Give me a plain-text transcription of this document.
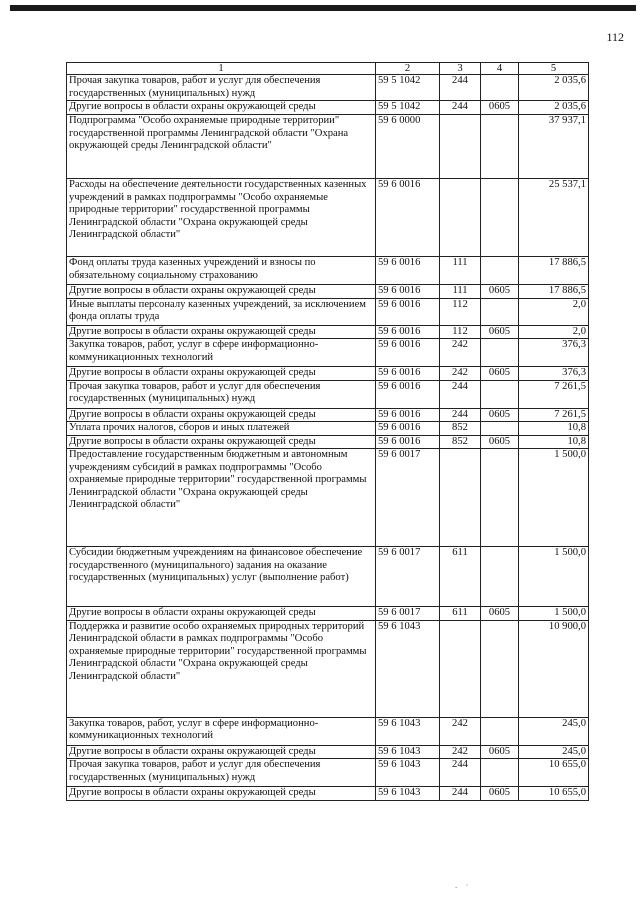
112
1	2	3	4	5
Прочая закупка товаров, работ и услуг для обеспечения государственных (муниципальных) нужд	59 5 1042	244		2 035,6
Другие вопросы в области охраны окружающей среды	59 5 1042	244	0605	2 035,6
Подпрограмма "Особо охраняемые природные территории" государственной программы Ленинградской области "Охрана окружающей среды Ленинградской области"	59 6 0000			37 937,1
Расходы на обеспечение деятельности государственных казенных учреждений в рамках подпрограммы "Особо охраняемые природные территории" государственной программы Ленинградской области "Охрана окружающей среды Ленинградской области"	59 6 0016			25 537,1
Фонд оплаты труда казенных учреждений и взносы по обязательному социальному страхованию	59 6 0016	111		17 886,5
Другие вопросы в области охраны окружающей среды	59 6 0016	111	0605	17 886,5
Иные выплаты персоналу казенных учреждений, за исключением фонда оплаты труда	59 6 0016	112		2,0
Другие вопросы в области охраны окружающей среды	59 6 0016	112	0605	2,0
Закупка товаров, работ, услуг в сфере информационно-коммуникационных технологий	59 6 0016	242		376,3
Другие вопросы в области охраны окружающей среды	59 6 0016	242	0605	376,3
Прочая закупка товаров, работ и услуг для обеспечения государственных (муниципальных) нужд	59 6 0016	244		7 261,5
Другие вопросы в области охраны окружающей среды	59 6 0016	244	0605	7 261,5
Уплата прочих налогов, сборов и иных платежей	59 6 0016	852		10,8
Другие вопросы в области охраны окружающей среды	59 6 0016	852	0605	10,8
Предоставление государственным бюджетным и автономным учреждениям субсидий в рамках подпрограммы "Особо охраняемые природные территории" государственной программы Ленинградской области "Охрана окружающей среды Ленинградской области"	59 6 0017			1 500,0
Субсидии бюджетным учреждениям на финансовое обеспечение государственного (муниципального) задания на оказание государственных (муниципальных) услуг (выполнение работ)	59 6 0017	611		1 500,0
Другие вопросы в области охраны окружающей среды	59 6 0017	611	0605	1 500,0
Поддержка и развитие особо охраняемых природных территорий Ленинградской области в рамках подпрограммы "Особо охраняемые природные территории" государственной программы Ленинградской области "Охрана окружающей среды Ленинградской области"	59 6 1043			10 900,0
Закупка товаров, работ, услуг в сфере информационно-коммуникационных технологий	59 6 1043	242		245,0
Другие вопросы в области охраны окружающей среды	59 6 1043	242	0605	245,0
Прочая закупка товаров, работ и услуг для обеспечения государственных (муниципальных) нужд	59 6 1043	244		10 655,0
Другие вопросы в области охраны окружающей среды	59 6 1043	244	0605	10 655,0
. ·
